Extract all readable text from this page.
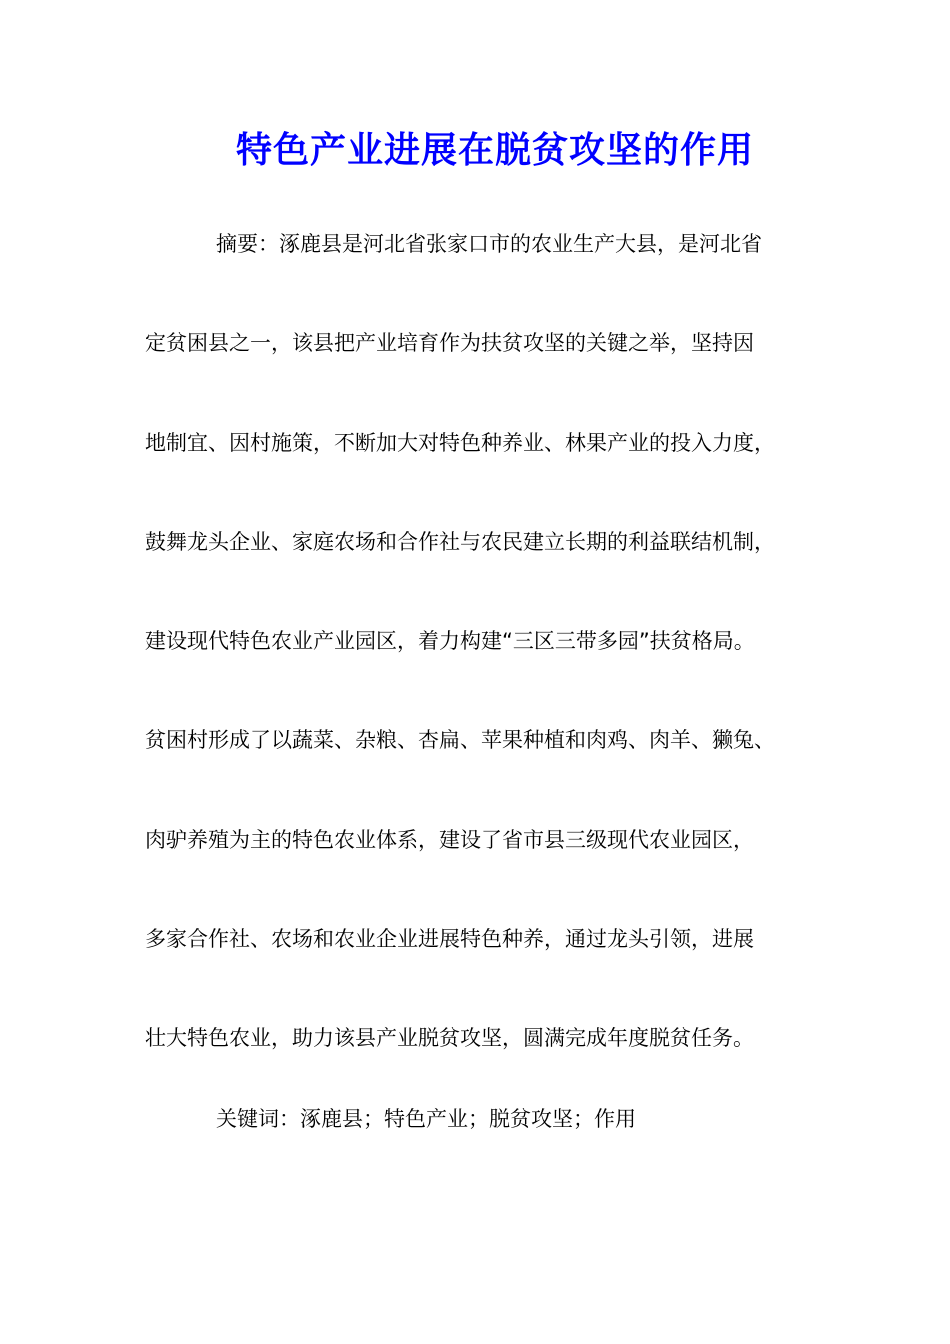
特色产业进展在脱贫攻坚的作用

摘要：涿鹿县是河北省张家口市的农业生产大县，是河北省

定贫困县之一，该县把产业培育作为扶贫攻坚的关键之举，坚持因

地制宜、因村施策，不断加大对特色种养业、林果产业的投入力度，

鼓舞龙头企业、家庭农场和合作社与农民建立长期的利益联结机制，

建设现代特色农业产业园区，着力构建“三区三带多园”扶贫格局。

贫困村形成了以蔬菜、杂粮、杏扁、苹果种植和肉鸡、肉羊、獭兔、

肉驴养殖为主的特色农业体系，建设了省市县三级现代农业园区，

多家合作社、农场和农业企业进展特色种养，通过龙头引领，进展

壮大特色农业，助力该县产业脱贫攻坚，圆满完成年度脱贫任务。

关键词：涿鹿县；特色产业；脱贫攻坚；作用
